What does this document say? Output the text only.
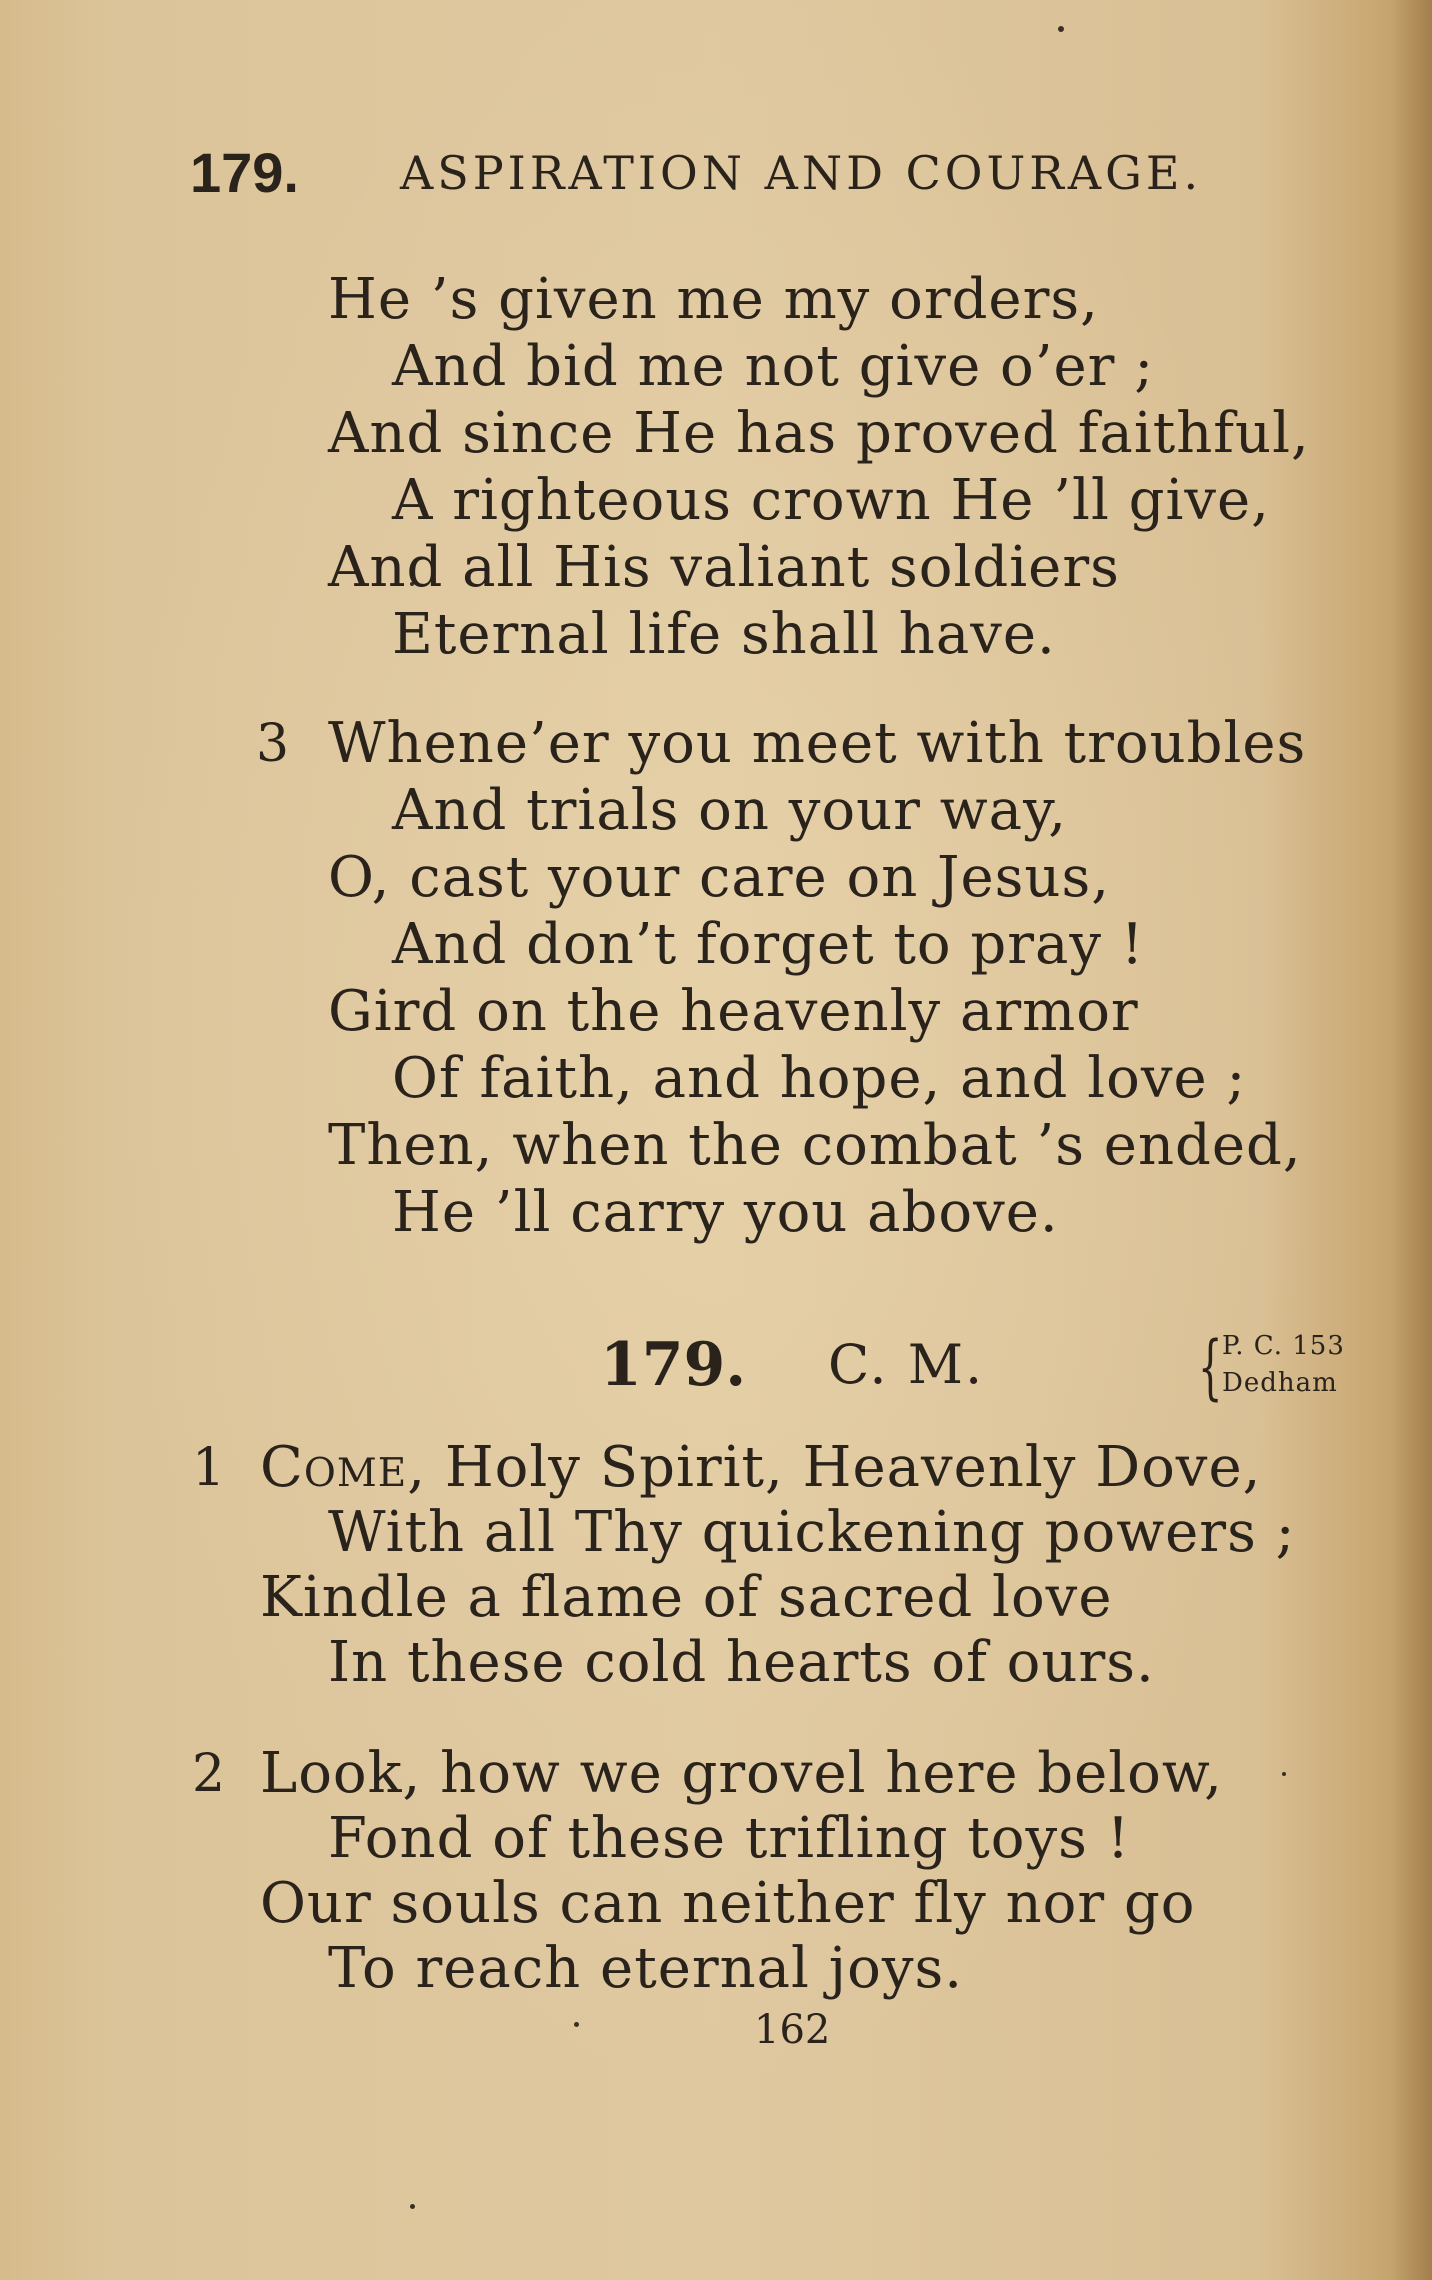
179. ASPIRATION AND COURAGE.
He ’s given me my orders,
And bid me not give o’er ;
And since He has proved faithful,
A righteous crown He ’ll give,
And all His valiant soldiers
Eternal life shall have.
3 Whene’er you meet with troubles
And trials on your way,
O, cast your care on Jesus,
And don’t forget to pray !
Gird on the heavenly armor
Of faith, and hope, and love ;
Then, when the combat ’s ended,
He ’ll carry you above.
179. C. M.	{ P. C. 153
Dedham
1 Come, Holy Spirit, Heavenly Dove,
With all Thy quickening powers ;
Kindle a flame of sacred love
In these cold hearts of ours.
2 Look, how we grovel here below,
Fond of these trifling toys !
Our souls can neither fly nor go
To reach eternal joys.
162
